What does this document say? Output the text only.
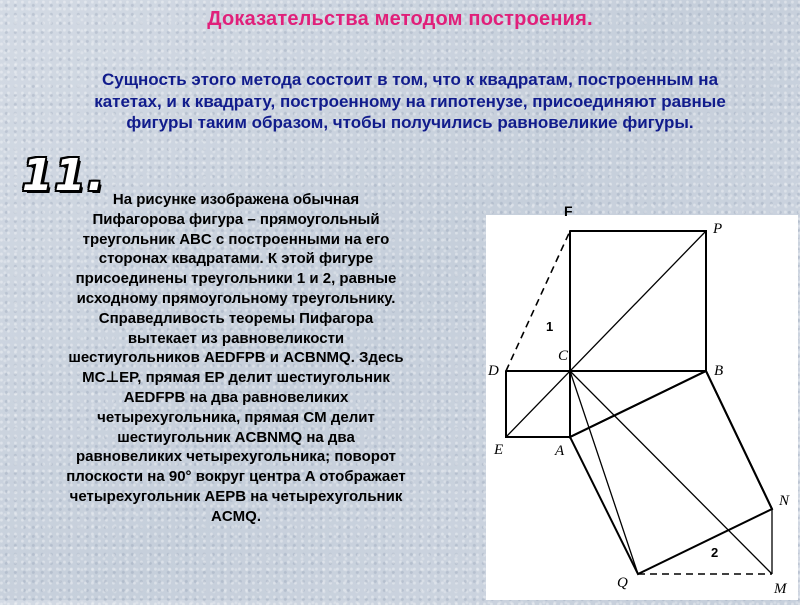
Доказательства методом построения.
Сущность этого метода состоит в том, что к квадратам, построенным на катетах, и к квадрату, построенному на гипотенузе, присоединяют равные фигуры таким образом, чтобы получились равновеликие фигуры.
11. На рисунке изображена обычная
Пифагорова фигура – прямоугольный
треугольник ABC с построенными на его
сторонах квадратами. К этой фигуре
присоединены треугольники 1 и 2, равные
исходному прямоугольному треугольнику.
Справедливость теоремы Пифагора
вытекает из равновеликости
шестиугольников AEDFPB и ACBNMQ. Здесь
MC⊥EP, прямая EP делит шестиугольник
AEDFPB на два равновеликих
четырехугольника, прямая CM делит
шестиугольник ACBNMQ на два
равновеликих четырехугольника; поворот
плоскости на 90° вокруг центра A отображает
четырехугольник AEPB на четырехугольник
ACMQ.
P
D
C
B
E	A
N
Q	M
1
2
F
